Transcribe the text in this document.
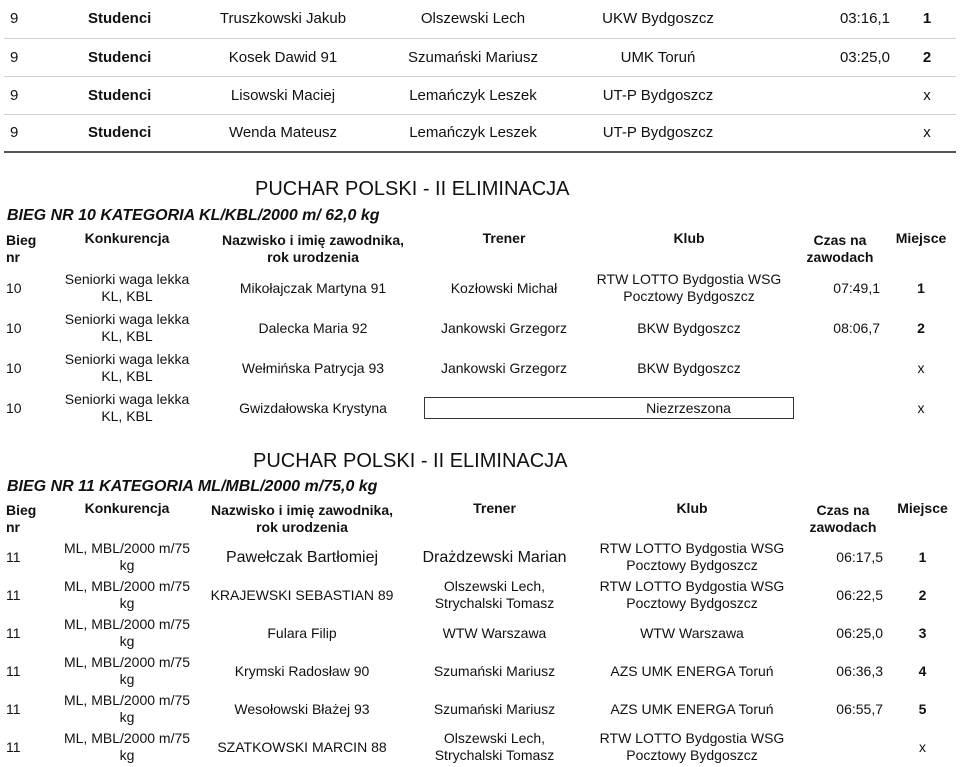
9	Studenci	Truszkowski Jakub	Olszewski Lech	UKW Bydgoszcz	03:16,1	1
9	Studenci	Kosek Dawid 91	Szumański Mariusz	UMK Toruń	03:25,0	2
9	Studenci	Lisowski Maciej	Lemańczyk Leszek	UT-P Bydgoszcz		x
9	Studenci	Wenda Mateusz	Lemańczyk Leszek	UT-P Bydgoszcz		x
PUCHAR POLSKI - II ELIMINACJA
BIEG NR 10 KATEGORIA KL/KBL/2000 m/ 62,0 kg
Bieg
nr	Konkurencja	Nazwisko i imię zawodnika,
rok urodzenia	Trener	Klub	Czas na
zawodach	Miejsce
10	Seniorki waga lekka
KL, KBL	Mikołajczak Martyna 91	Kozłowski Michał	RTW LOTTO Bydgostia WSG
Pocztowy Bydgoszcz	07:49,1	1
10	Seniorki waga lekka
KL, KBL	Dalecka Maria 92	Jankowski Grzegorz	BKW Bydgoszcz	08:06,7	2
10	Seniorki waga lekka
KL, KBL	Wełmińska Patrycja 93	Jankowski Grzegorz	BKW Bydgoszcz		x
10	Seniorki waga lekka
KL, KBL	Gwizdałowska Krystyna		Niezrzeszona		x
PUCHAR POLSKI - II ELIMINACJA
BIEG NR 11 KATEGORIA ML/MBL/2000 m/75,0 kg
Bieg
nr	Konkurencja	Nazwisko i imię zawodnika,
rok urodzenia	Trener	Klub	Czas na
zawodach	Miejsce
11	ML, MBL/2000 m/75
kg	Pawełczak Bartłomiej	Drażdzewski Marian	RTW LOTTO Bydgostia WSG
Pocztowy Bydgoszcz	06:17,5	1
11	ML, MBL/2000 m/75
kg	KRAJEWSKI SEBASTIAN 89	Olszewski Lech,
Strychalski Tomasz	RTW LOTTO Bydgostia WSG
Pocztowy Bydgoszcz	06:22,5	2
11	ML, MBL/2000 m/75
kg	Fulara Filip	WTW Warszawa	WTW Warszawa	06:25,0	3
11	ML, MBL/2000 m/75
kg	Krymski Radosław 90	Szumański Mariusz	AZS UMK ENERGA Toruń	06:36,3	4
11	ML, MBL/2000 m/75
kg	Wesołowski Błażej 93	Szumański Mariusz	AZS UMK ENERGA Toruń	06:55,7	5
11	ML, MBL/2000 m/75
kg	SZATKOWSKI MARCIN 88	Olszewski Lech,
Strychalski Tomasz	RTW LOTTO Bydgostia WSG
Pocztowy Bydgoszcz		x
